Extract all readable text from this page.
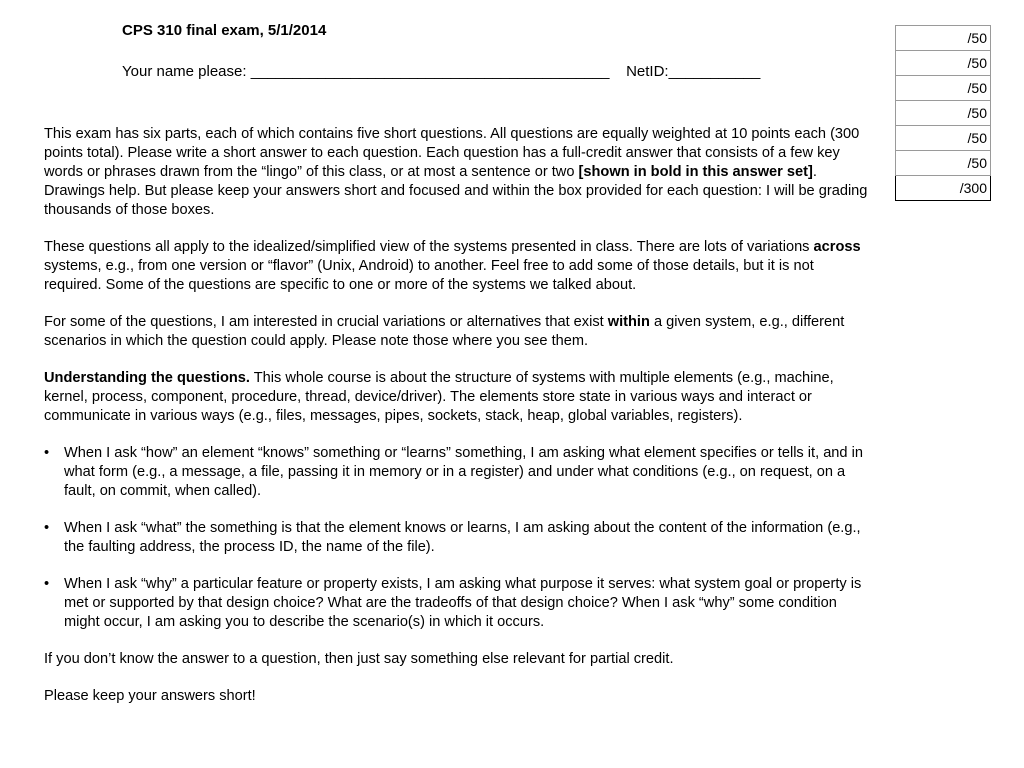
CPS 310 final exam, 5/1/2014
Your name please: ___________________________________________    NetID:___________
/50
/50
/50
/50
/50
/50
/300

This exam has six parts, each of which contains five short questions. All questions are equally weighted at 10 points each (300 points total). Please write a short answer to each question. Each question has a full-credit answer that consists of a few key words or phrases drawn from the “lingo” of this class, or at most a sentence or two [shown in bold in this answer set]. Drawings help. But please keep your answers short and focused and within the box provided for each question: I will be grading thousands of those boxes.

These questions all apply to the idealized/simplified view of the systems presented in class. There are lots of variations across systems, e.g., from one version or “flavor” (Unix, Android) to another. Feel free to add some of those details, but it is not required. Some of the questions are specific to one or more of the systems we talked about.

For some of the questions, I am interested in crucial variations or alternatives that exist within a given system, e.g., different scenarios in which the question could apply. Please note those where you see them.

Understanding the questions. This whole course is about the structure of systems with multiple elements (e.g., machine, kernel, process, component, procedure, thread, device/driver). The elements store state in various ways and interact or communicate in various ways (e.g., files, messages, pipes, sockets, stack, heap, global variables, registers).

• When I ask “how” an element “knows” something or “learns” something, I am asking what element specifies or tells it, and in what form (e.g., a message, a file, passing it in memory or in a register) and under what conditions (e.g., on request, on a fault, on commit, when called).
• When I ask “what” the something is that the element knows or learns, I am asking about the content of the information (e.g., the faulting address, the process ID, the name of the file).
• When I ask “why” a particular feature or property exists, I am asking what purpose it serves: what system goal or property is met or supported by that design choice? What are the tradeoffs of that design choice? When I ask “why” some condition might occur, I am asking you to describe the scenario(s) in which it occurs.

If you don’t know the answer to a question, then just say something else relevant for partial credit.

Please keep your answers short!
